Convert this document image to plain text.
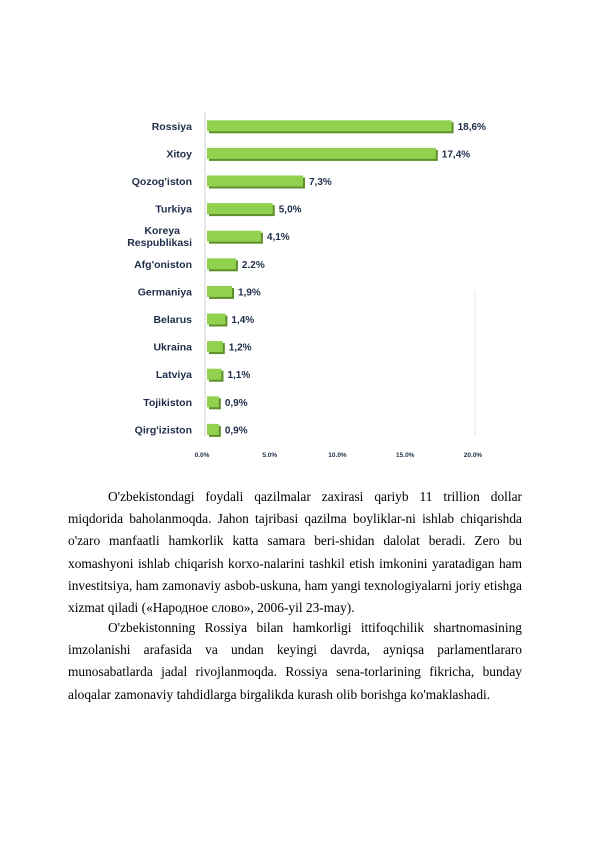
Rossiya	18,6%
Xitoy	17,4%
Qozog'iston	7,3%
Turkiya	5,0%
Koreya Respublikasi	4,1%
Afg'oniston	2.2%
Germaniya	1,9%
Belarus	1,4%
Ukraina	1,2%
Latviya	1,1%
Tojikiston	0,9%
Qirg'iziston	0,9%
0.0%	5.0%	10.0%	15.0%	20.0%

O'zbekistondagi foydali qazilmalar zaxirasi qariyb 11 trillion dollar miqdorida baholanmoqda. Jahon tajribasi qazilma boyliklar-ni ishlab chiqarishda o'zaro manfaatli hamkorlik katta samara beri-shidan dalolat beradi. Zero bu xomashyoni ishlab chiqarish korxo-nalarini tashkil etish imkonini yaratadigan ham investitsiya, ham zamonaviy asbob-uskuna, ham yangi texnologiyalarni joriy etishga xizmat qiladi («Народное слово», 2006-yil 23-may).

O'zbekistonning Rossiya bilan hamkorligi ittifoqchilik shartnomasining imzolanishi arafasida va undan keyingi davrda, ayniqsa parlamentlararo munosabatlarda jadal rivojlanmoqda. Rossiya sena-torlarining fikricha, bunday aloqalar zamonaviy tahdidlarga birgalikda kurash olib borishga ko'maklashadi.
